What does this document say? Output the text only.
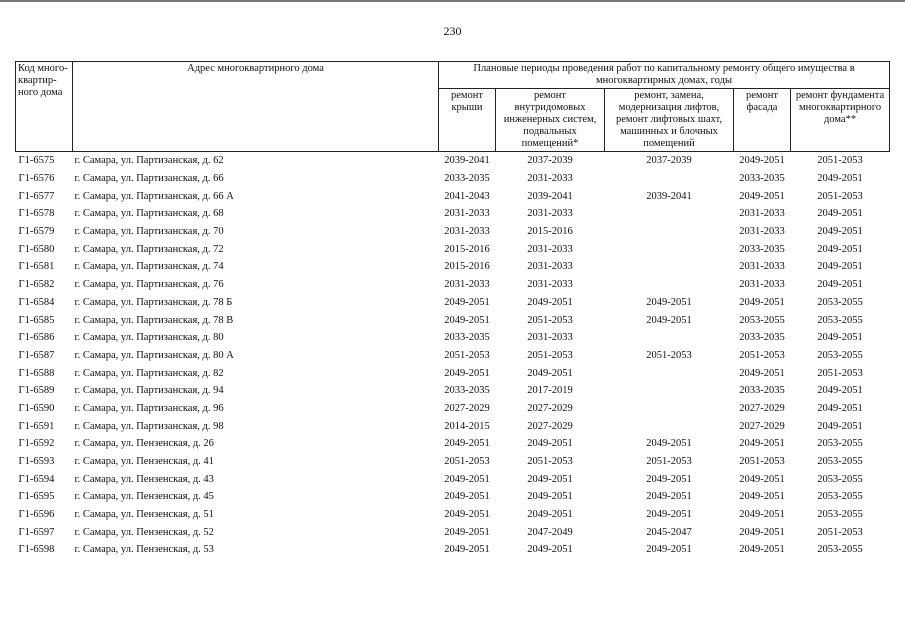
230
Код много-квартир-ного дома	Адрес многоквартирного дома	Плановые периоды проведения работ по капитальному ремонту общего имущества в многоквартирных домах, годы				
		ремонт крыши	ремонт внутридомовых инженерных систем, подвальных помещений*	ремонт, замена, модернизация лифтов, ремонт лифтовых шахт, машинных и блочных помещений	ремонт фасада	ремонт фундамента многоквартирного дома**
Г1-6575	г. Самара, ул. Партизанская, д. 62	2039-2041	2037-2039	2037-2039	2049-2051	2051-2053
Г1-6576	г. Самара, ул. Партизанская, д. 66	2033-2035	2031-2033		2033-2035	2049-2051
Г1-6577	г. Самара, ул. Партизанская, д. 66 А	2041-2043	2039-2041	2039-2041	2049-2051	2051-2053
Г1-6578	г. Самара, ул. Партизанская, д. 68	2031-2033	2031-2033		2031-2033	2049-2051
Г1-6579	г. Самара, ул. Партизанская, д. 70	2031-2033	2015-2016		2031-2033	2049-2051
Г1-6580	г. Самара, ул. Партизанская, д. 72	2015-2016	2031-2033		2033-2035	2049-2051
Г1-6581	г. Самара, ул. Партизанская, д. 74	2015-2016	2031-2033		2031-2033	2049-2051
Г1-6582	г. Самара, ул. Партизанская, д. 76	2031-2033	2031-2033		2031-2033	2049-2051
Г1-6584	г. Самара, ул. Партизанская, д. 78 Б	2049-2051	2049-2051	2049-2051	2049-2051	2053-2055
Г1-6585	г. Самара, ул. Партизанская, д. 78 В	2049-2051	2051-2053	2049-2051	2053-2055	2053-2055
Г1-6586	г. Самара, ул. Партизанская, д. 80	2033-2035	2031-2033		2033-2035	2049-2051
Г1-6587	г. Самара, ул. Партизанская, д. 80 А	2051-2053	2051-2053	2051-2053	2051-2053	2053-2055
Г1-6588	г. Самара, ул. Партизанская, д. 82	2049-2051	2049-2051		2049-2051	2051-2053
Г1-6589	г. Самара, ул. Партизанская, д. 94	2033-2035	2017-2019		2033-2035	2049-2051
Г1-6590	г. Самара, ул. Партизанская, д. 96	2027-2029	2027-2029		2027-2029	2049-2051
Г1-6591	г. Самара, ул. Партизанская, д. 98	2014-2015	2027-2029		2027-2029	2049-2051
Г1-6592	г. Самара, ул. Пензенская, д. 26	2049-2051	2049-2051	2049-2051	2049-2051	2053-2055
Г1-6593	г. Самара, ул. Пензенская, д. 41	2051-2053	2051-2053	2051-2053	2051-2053	2053-2055
Г1-6594	г. Самара, ул. Пензенская, д. 43	2049-2051	2049-2051	2049-2051	2049-2051	2053-2055
Г1-6595	г. Самара, ул. Пензенская, д. 45	2049-2051	2049-2051	2049-2051	2049-2051	2053-2055
Г1-6596	г. Самара, ул. Пензенская, д. 51	2049-2051	2049-2051	2049-2051	2049-2051	2053-2055
Г1-6597	г. Самара, ул. Пензенская, д. 52	2049-2051	2047-2049	2045-2047	2049-2051	2051-2053
Г1-6598	г. Самара, ул. Пензенская, д. 53	2049-2051	2049-2051	2049-2051	2049-2051	2053-2055
